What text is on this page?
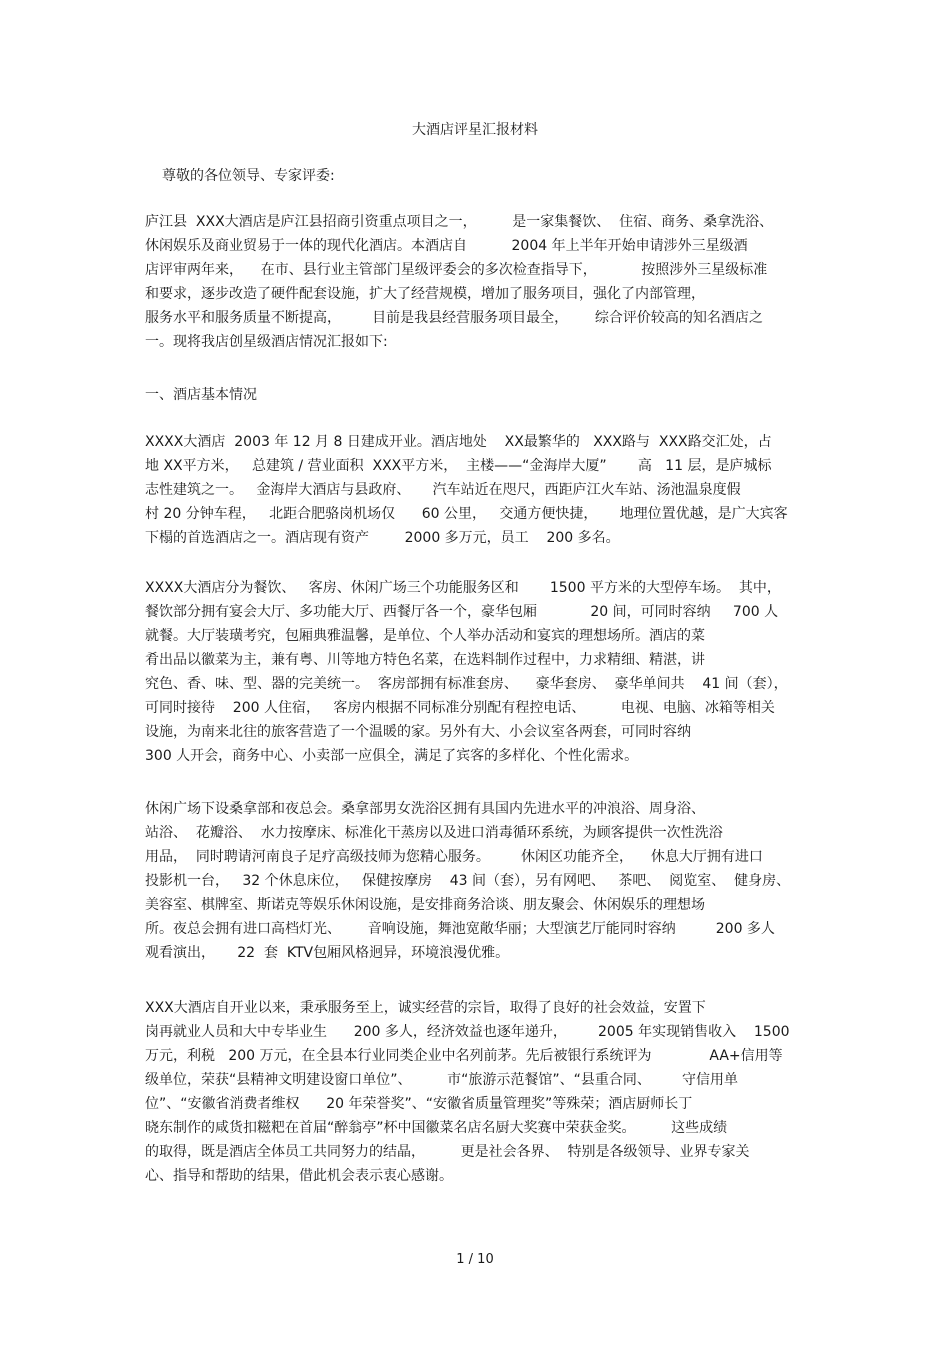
大酒店评星汇报材料
尊敬的各位领导、专家评委:
庐江县  XXX大酒店是庐江县招商引资重点项目之一，        是一家集餐饮、  住宿、商务、桑拿洗浴、
休闲娱乐及商业贸易于一体的现代化酒店。本酒店自          2004 年上半年开始申请涉外三星级酒
店评审两年来，    在市、县行业主管部门星级评委会的多次检查指导下，          按照涉外三星级标准
和要求，逐步改造了硬件配套设施，扩大了经营规模，增加了服务项目，强化了内部管理，
服务水平和服务质量不断提高，       目前是我县经营服务项目最全，      综合评价较高的知名酒店之
一。现将我店创星级酒店情况汇报如下:
一、酒店基本情况
XXXX大酒店  2003 年 12 月 8 日建成开业。酒店地处    XX最繁华的   XXX路与  XXX路交汇处，占
地 XX平方米，   总建筑 / 营业面积  XXX平方米，  主楼——“金海岸大厦”       高   11 层，是庐城标
志性建筑之一。   金海岸大酒店与县政府、     汽车站近在咫尺，西距庐江火车站、汤池温泉度假
村 20 分钟车程，   北距合肥骆岗机场仅      60 公里，   交通方便快捷，     地理位置优越，是广大宾客
下榻的首选酒店之一。酒店现有资产        2000 多万元，员工    200 多名。
XXXX大酒店分为餐饮、   客房、休闲广场三个功能服务区和       1500 平方米的大型停车场。  其中，
餐饮部分拥有宴会大厅、多功能大厅、西餐厅各一个，豪华包厢            20 间，可同时容纳     700 人
就餐。大厅装璜考究，包厢典雅温馨，是单位、个人举办活动和宴宾的理想场所。酒店的菜
肴出品以徽菜为主，兼有粤、川等地方特色名菜，在选料制作过程中，力求精细、精湛，讲
究色、香、味、型、器的完美统一。  客房部拥有标准套房、    豪华套房、  豪华单间共    41 间（套），
可同时接待    200 人住宿，   客房内根据不同标准分别配有程控电话、        电视、电脑、冰箱等相关
设施，为南来北往的旅客营造了一个温暖的家。另外有大、小会议室各两套，可同时容纳
300 人开会，商务中心、小卖部一应俱全，满足了宾客的多样化、个性化需求。
休闲广场下设桑拿部和夜总会。桑拿部男女洗浴区拥有具国内先进水平的冲浪浴、周身浴、
站浴、  花瓣浴、  水力按摩床、标准化干蒸房以及进口消毒循环系统，为顾客提供一次性洗浴
用品，  同时聘请河南良子足疗高级技师为您精心服务。       休闲区功能齐全，    休息大厅拥有进口
投影机一台，   32 个休息床位，   保健按摩房    43 间（套），另有网吧、   茶吧、  阅览室、  健身房、
美容室、棋牌室、斯诺克等娱乐休闲设施，是安排商务洽谈、朋友聚会、休闲娱乐的理想场
所。夜总会拥有进口高档灯光、      音响设施，舞池宽敞华丽；大型演艺厅能同时容纳         200 多人
观看演出，     22  套  KTV包厢风格迥异，环境浪漫优雅。
XXX大酒店自开业以来，秉承服务至上，诚实经营的宗旨，取得了良好的社会效益，安置下
岗再就业人员和大中专毕业生      200 多人，经济效益也逐年递升，       2005 年实现销售收入    1500
万元，利税   200 万元，在全县本行业同类企业中名列前茅。先后被银行系统评为             AA+信用等
级单位，荣获“县精神文明建设窗口单位”、        市“旅游示范餐馆”、“县重合同、       守信用单
位”、“安徽省消费者维权      20 年荣誉奖”、“安徽省质量管理奖”等殊荣；酒店厨师长丁
晓东制作的咸货扣糍粑在首届“醉翁亭”杯中国徽菜名店名厨大奖赛中荣获金奖。        这些成绩
的取得，既是酒店全体员工共同努力的结晶，        更是社会各界、  特别是各级领导、业界专家关
心、指导和帮助的结果，借此机会表示衷心感谢。
1 / 10
